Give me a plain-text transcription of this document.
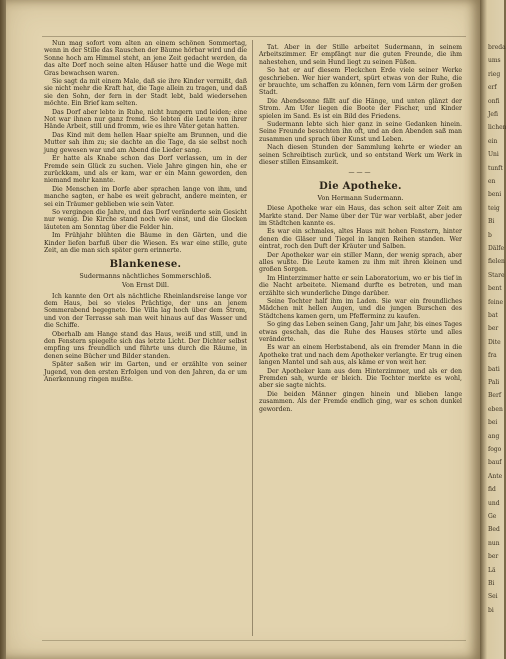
Nun mag sofort vom alten an einem schönen Sommertag, wenn in der Stille das Rauschen der Bäume hörbar wird und die Sonne hoch am Himmel steht, an jene Zeit gedacht werden, da das alte Dorf noch seine alten Häuser hatte und die Wege mit Gras bewachsen waren.

Sie sagt da mit einem Male, daß sie ihre Kinder vermißt, daß sie nicht mehr die Kraft hat, die Tage allein zu tragen, und daß sie den Sohn, der fern in der Stadt lebt, bald wiedersehen möchte. Ein Brief kam selten.

Das Dorf aber lebte in Ruhe, nicht hungern und leiden; eine Not war ihnen nur ganz fremd. So lebten die Leute von ihrer Hände Arbeit, still und fromm, wie es ihre Väter getan hatten.

Das Kind mit dem hellen Haar spielte am Brunnen, und die Mutter sah ihm zu; sie dachte an die Tage, da sie selbst noch jung gewesen war und am Abend die Lieder sang.

Er hatte als Knabe schon das Dorf verlassen, um in der Fremde sein Glück zu suchen. Viele Jahre gingen hin, ehe er zurückkam, und als er kam, war er ein Mann geworden, den niemand mehr kannte.

Die Menschen im Dorfe aber sprachen lange von ihm, und manche sagten, er habe es weit gebracht, andere meinten, er sei ein Träumer geblieben wie sein Vater.

So vergingen die Jahre, und das Dorf veränderte sein Gesicht nur wenig. Die Kirche stand noch wie einst, und die Glocken läuteten am Sonntag über die Felder hin.

Im Frühjahr blühten die Bäume in den Gärten, und die Kinder liefen barfuß über die Wiesen. Es war eine stille, gute Zeit, an die man sich später gern erinnerte.

Blankenese.
Sudermanns nächtliches Sommerschloß.
Von Ernst Dill.

Ich kannte den Ort als nächtliche Rheinlandsreise lange vor dem Haus, bei so vieles Prächtige, der uns an jenem Sommerabend begegnete. Die Villa lag hoch über dem Strom, und von der Terrasse sah man weit hinaus auf das Wasser und die Schiffe.

Oberhalb am Hange stand das Haus, weiß und still, und in den Fenstern spiegelte sich das letzte Licht. Der Dichter selbst empfing uns freundlich und führte uns durch die Räume, in denen seine Bücher und Bilder standen.

Später saßen wir im Garten, und er erzählte von seiner Jugend, von den ersten Erfolgen und von den Jahren, da er um Anerkennung ringen mußte.

Tat. Aber in der Stille arbeitet Sudermann, in seinem Arbeitszimmer. Er empfängt nur die guten Freunde, die ihm nahestehen, und sein Hund liegt zu seinen Füßen.

So hat er auf diesem Fleckchen Erde viele seiner Werke geschrieben. Wer hier wandert, spürt etwas von der Ruhe, die er brauchte, um schaffen zu können, fern vom Lärm der großen Stadt.

Die Abendsonne fällt auf die Hänge, und unten glänzt der Strom. Am Ufer liegen die Boote der Fischer, und Kinder spielen im Sand. Es ist ein Bild des Friedens.

Sudermann lebte sich hier ganz in seine Gedanken hinein. Seine Freunde besuchten ihn oft, und an den Abenden saß man zusammen und sprach über Kunst und Leben.

Nach diesen Stunden der Sammlung kehrte er wieder an seinen Schreibtisch zurück, und so entstand Werk um Werk in dieser stillen Einsamkeit.

———
Die Apotheke.
Von Hermann Sudermann.

Diese Apotheke war ein Haus, das schon seit alter Zeit am Markte stand. Der Name über der Tür war verblaßt, aber jeder im Städtchen kannte es.

Es war ein schmales, altes Haus mit hohen Fenstern, hinter denen die Gläser und Tiegel in langen Reihen standen. Wer eintrat, roch den Duft der Kräuter und Salben.

Der Apotheker war ein stiller Mann, der wenig sprach, aber alles wußte. Die Leute kamen zu ihm mit ihren kleinen und großen Sorgen.

Im Hinterzimmer hatte er sein Laboratorium, wo er bis tief in die Nacht arbeitete. Niemand durfte es betreten, und man erzählte sich wunderliche Dinge darüber.

Seine Tochter half ihm im Laden. Sie war ein freundliches Mädchen mit hellen Augen, und die jungen Burschen des Städtchens kamen gern, um Pfefferminz zu kaufen.

So ging das Leben seinen Gang, Jahr um Jahr, bis eines Tages etwas geschah, das die Ruhe des Hauses störte und alles veränderte.

Es war an einem Herbstabend, als ein fremder Mann in die Apotheke trat und nach dem Apotheker verlangte. Er trug einen langen Mantel und sah aus, als käme er von weit her.

Der Apotheker kam aus dem Hinterzimmer, und als er den Fremden sah, wurde er bleich. Die Tochter merkte es wohl, aber sie sagte nichts.

Die beiden Männer gingen hinein und blieben lange zusammen. Als der Fremde endlich ging, war es schon dunkel geworden.

breda
ums
rieg
erf
onfi
Jefi
lichen
ein
Uni
tunft
en
beni
teig
Bi
b
Dälfe
fielen
Stare
bent
feine
bat
ber
Dite
fra
bati
Pali
Berf
eben
bei
ang
fogo
bauf
Ante
fid
und
Ge
Bed
nun
ber
Lä
Bi
Sei
bi
